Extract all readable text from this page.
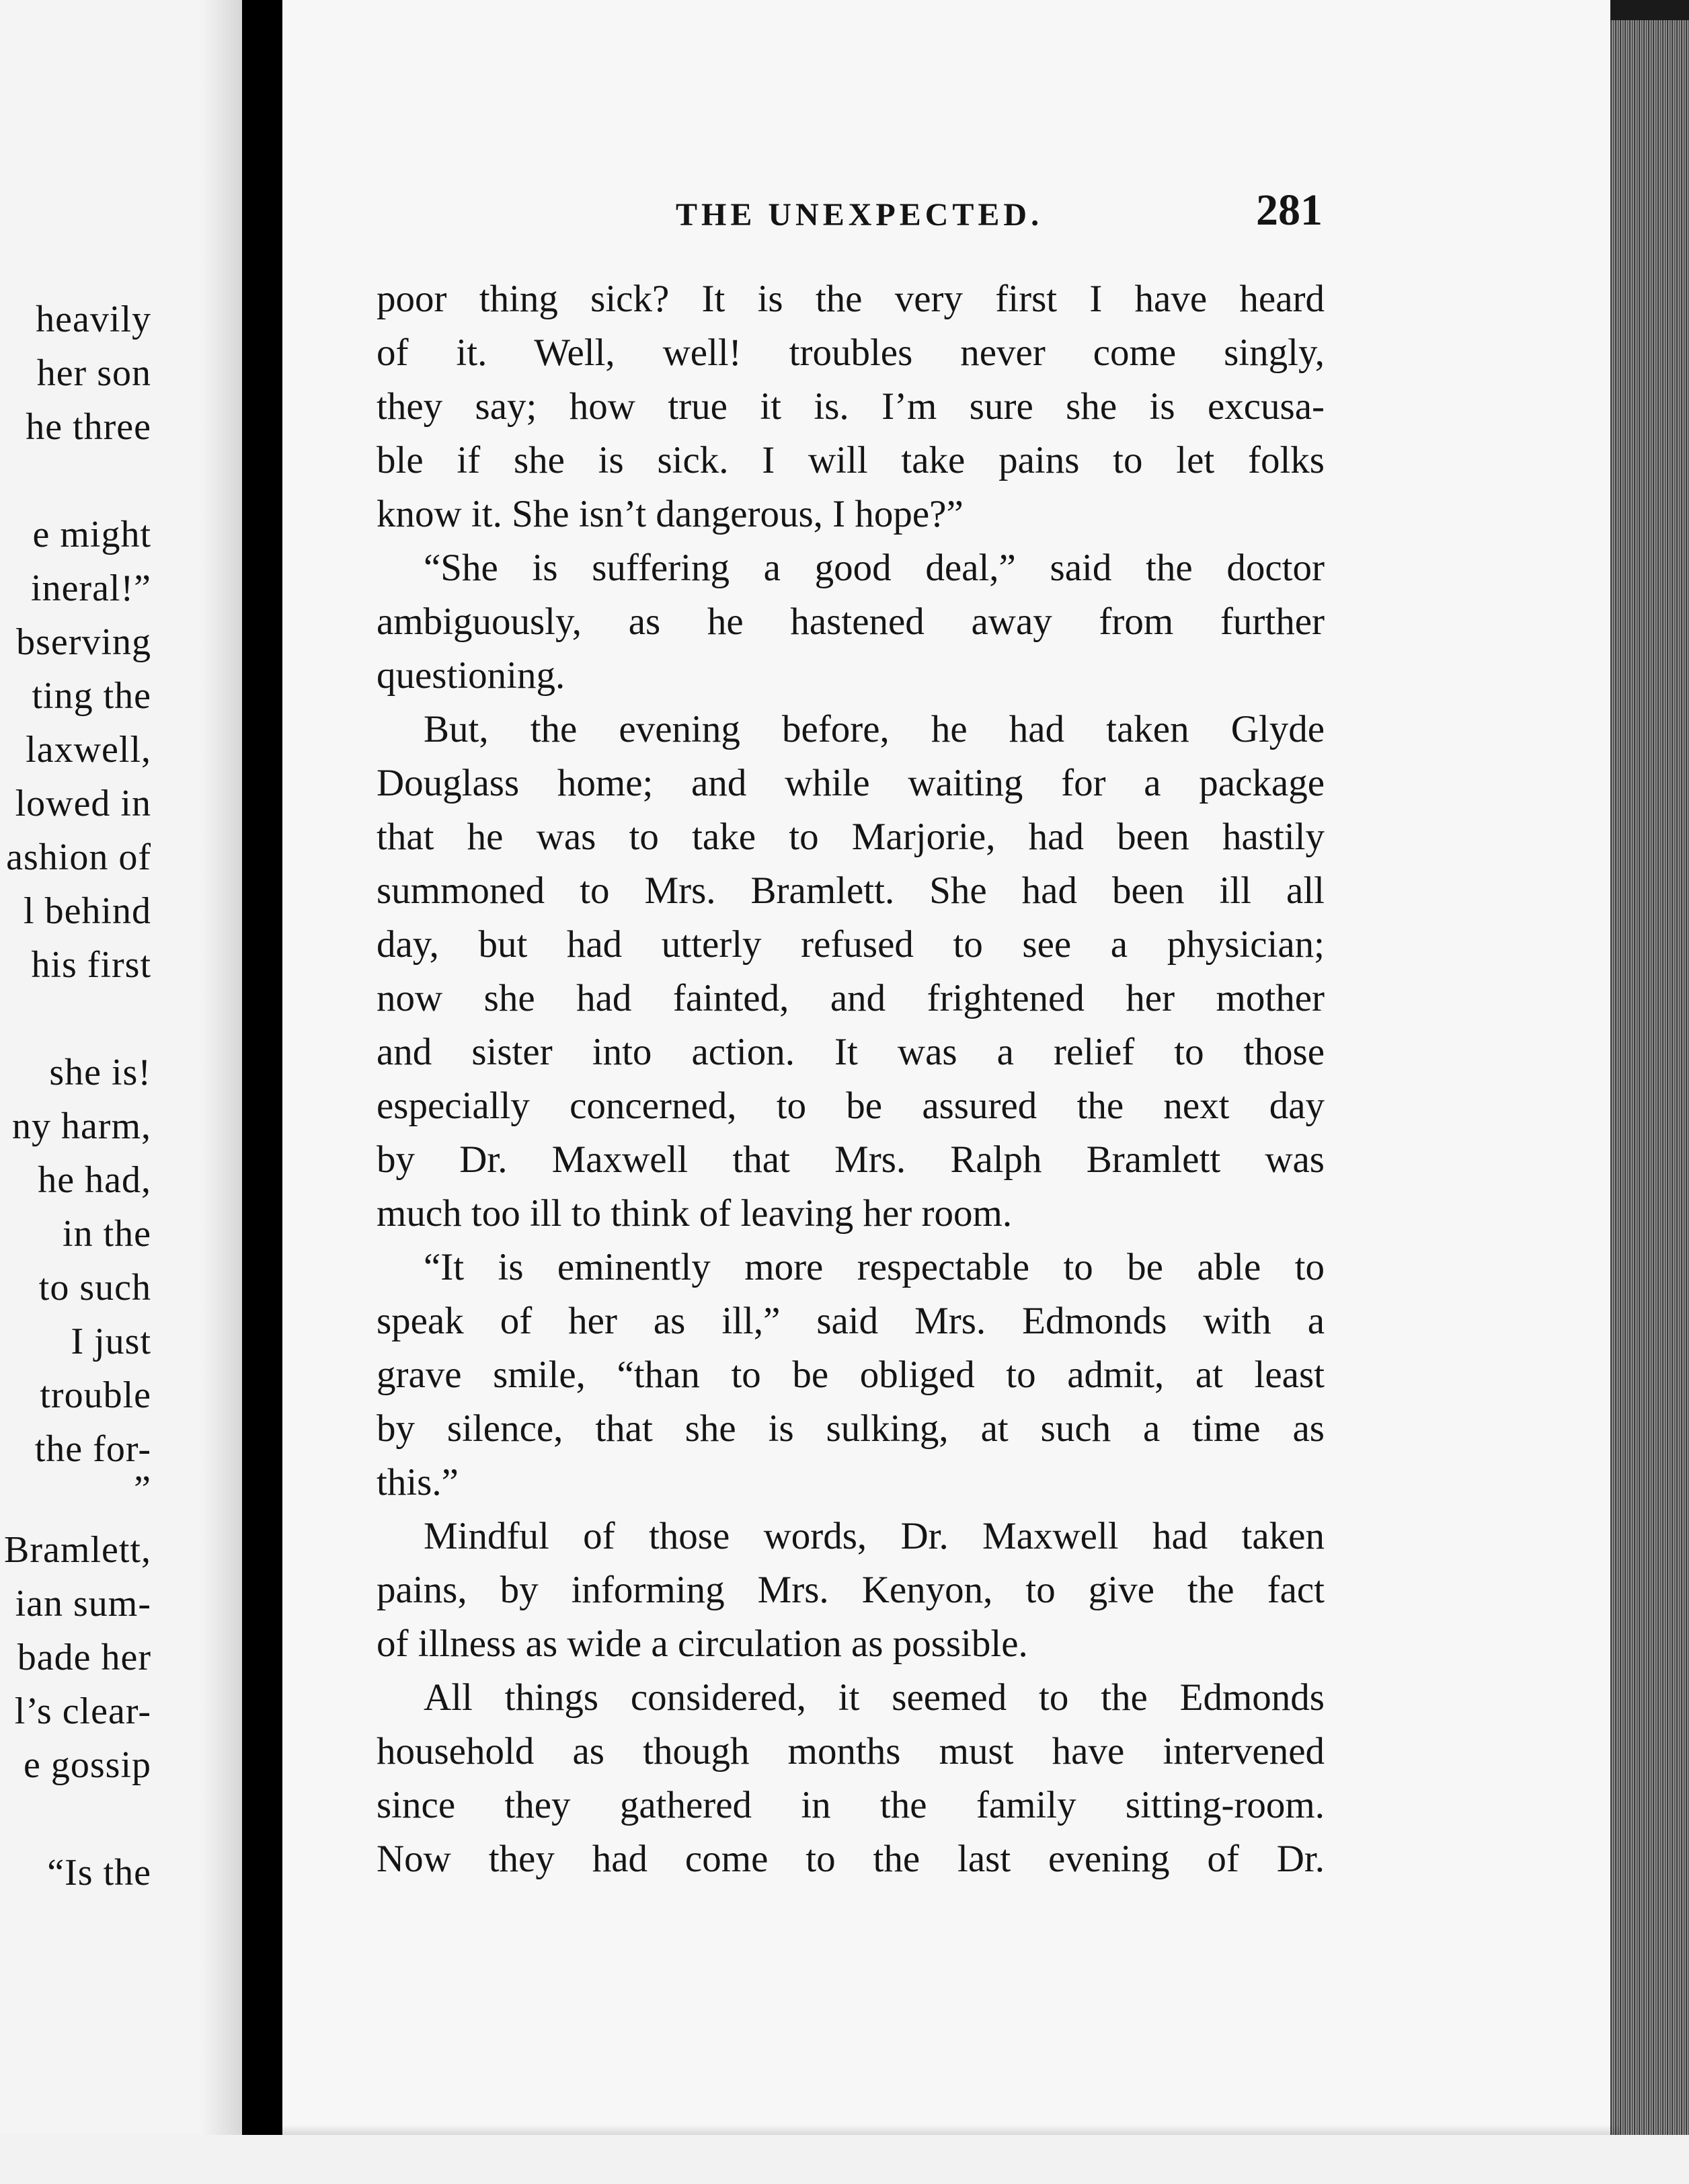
heavily
her son
he three
e might
ineral!”
bserving
ting the
laxwell,
lowed in
ashion of
l behind
his first
she is!
ny harm,
he had,
in the
to such
I just
trouble
the for-
”
Bramlett,
ian sum-
bade her
l’s clear-
e gossip
“Is the
THE UNEXPECTED.	281
poor thing sick? It is the very first I have heard
of it. Well, well! troubles never come singly,
they say; how true it is. I’m sure she is excusa-
ble if she is sick. I will take pains to let folks
know it. She isn’t dangerous, I hope?”
“She is suffering a good deal,” said the doctor
ambiguously, as he hastened away from further
questioning.
But, the evening before, he had taken Glyde
Douglass home; and while waiting for a package
that he was to take to Marjorie, had been hastily
summoned to Mrs. Bramlett. She had been ill all
day, but had utterly refused to see a physician;
now she had fainted, and frightened her mother
and sister into action. It was a relief to those
especially concerned, to be assured the next day
by Dr. Maxwell that Mrs. Ralph Bramlett was
much too ill to think of leaving her room.
“It is eminently more respectable to be able to
speak of her as ill,” said Mrs. Edmonds with a
grave smile, “than to be obliged to admit, at least
by silence, that she is sulking, at such a time as
this.”
Mindful of those words, Dr. Maxwell had taken
pains, by informing Mrs. Kenyon, to give the fact
of illness as wide a circulation as possible.
All things considered, it seemed to the Edmonds
household as though months must have intervened
since they gathered in the family sitting-room.
Now they had come to the last evening of Dr.
